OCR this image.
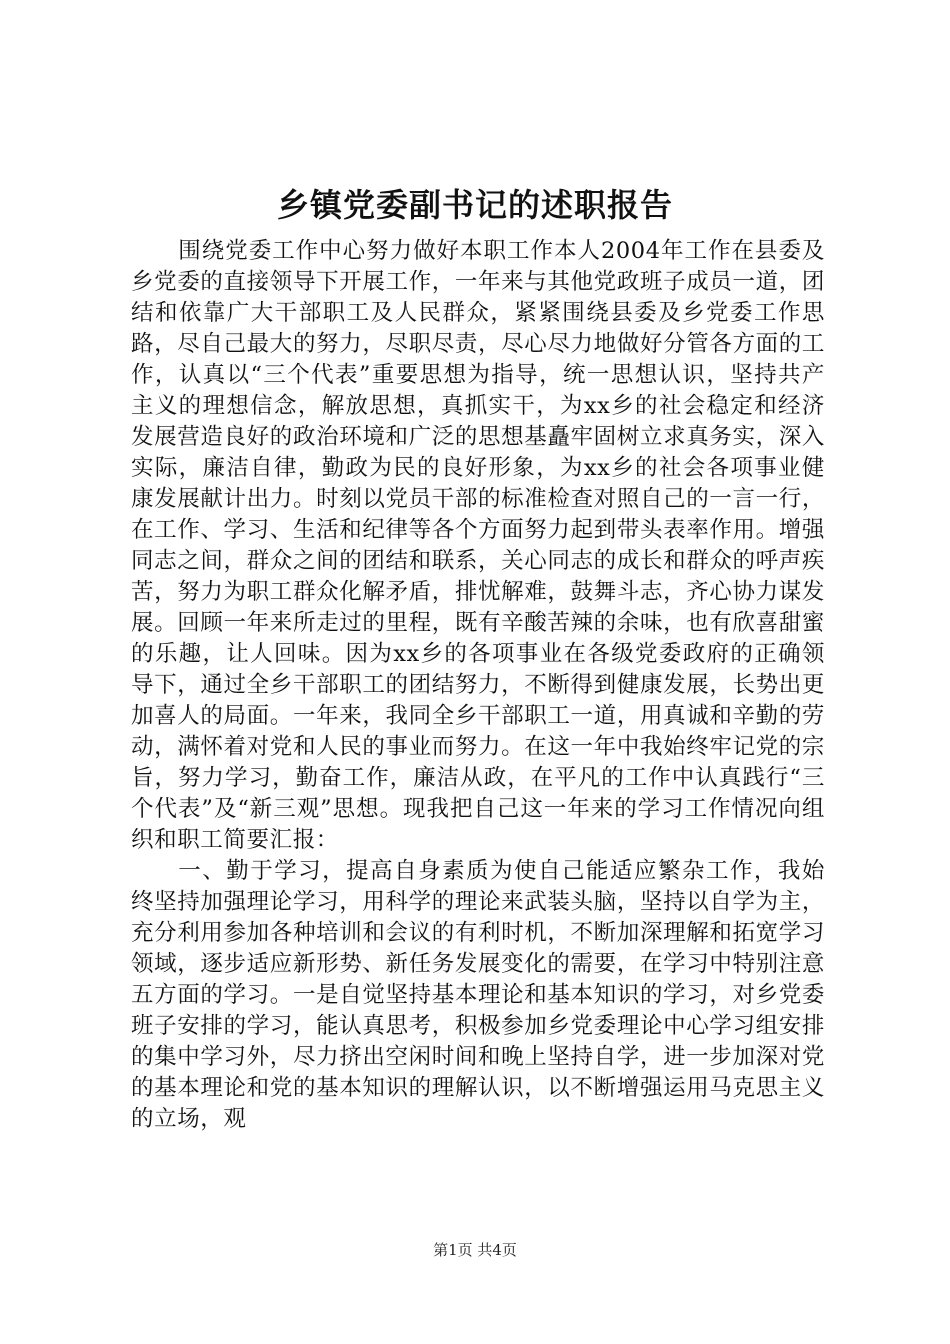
乡镇党委副书记的述职报告

围绕党委工作中心努力做好本职工作本人2004年工作在县委及乡党委的直接领导下开展工作，一年来与其他党政班子成员一道，团结和依靠广大干部职工及人民群众，紧紧围绕县委及乡党委工作思路，尽自己最大的努力，尽职尽责，尽心尽力地做好分管各方面的工作，认真以“三个代表”重要思想为指导，统一思想认识，坚持共产主义的理想信念，解放思想，真抓实干，为xx乡的社会稳定和经济发展营造良好的政治环境和广泛的思想基矗牢固树立求真务实，深入实际，廉洁自律，勤政为民的良好形象，为xx乡的社会各项事业健康发展献计出力。时刻以党员干部的标准检查对照自己的一言一行，在工作、学习、生活和纪律等各个方面努力起到带头表率作用。增强同志之间，群众之间的团结和联系，关心同志的成长和群众的呼声疾苦，努力为职工群众化解矛盾，排忧解难，鼓舞斗志，齐心协力谋发展。回顾一年来所走过的里程，既有辛酸苦辣的余味，也有欣喜甜蜜的乐趣，让人回味。因为xx乡的各项事业在各级党委政府的正确领导下，通过全乡干部职工的团结努力，不断得到健康发展，长势出更加喜人的局面。一年来，我同全乡干部职工一道，用真诚和辛勤的劳动，满怀着对党和人民的事业而努力。在这一年中我始终牢记党的宗旨，努力学习，勤奋工作，廉洁从政，在平凡的工作中认真践行“三个代表”及“新三观”思想。现我把自己这一年来的学习工作情况向组织和职工简要汇报：

一、勤于学习，提高自身素质为使自己能适应繁杂工作，我始终坚持加强理论学习，用科学的理论来武装头脑，坚持以自学为主，充分利用参加各种培训和会议的有利时机，不断加深理解和拓宽学习领域，逐步适应新形势、新任务发展变化的需要，在学习中特别注意五方面的学习。一是自觉坚持基本理论和基本知识的学习，对乡党委班子安排的学习，能认真思考，积极参加乡党委理论中心学习组安排的集中学习外，尽力挤出空闲时间和晚上坚持自学，进一步加深对党的基本理论和党的基本知识的理解认识，以不断增强运用马克思主义的立场，观

第1页 共4页
